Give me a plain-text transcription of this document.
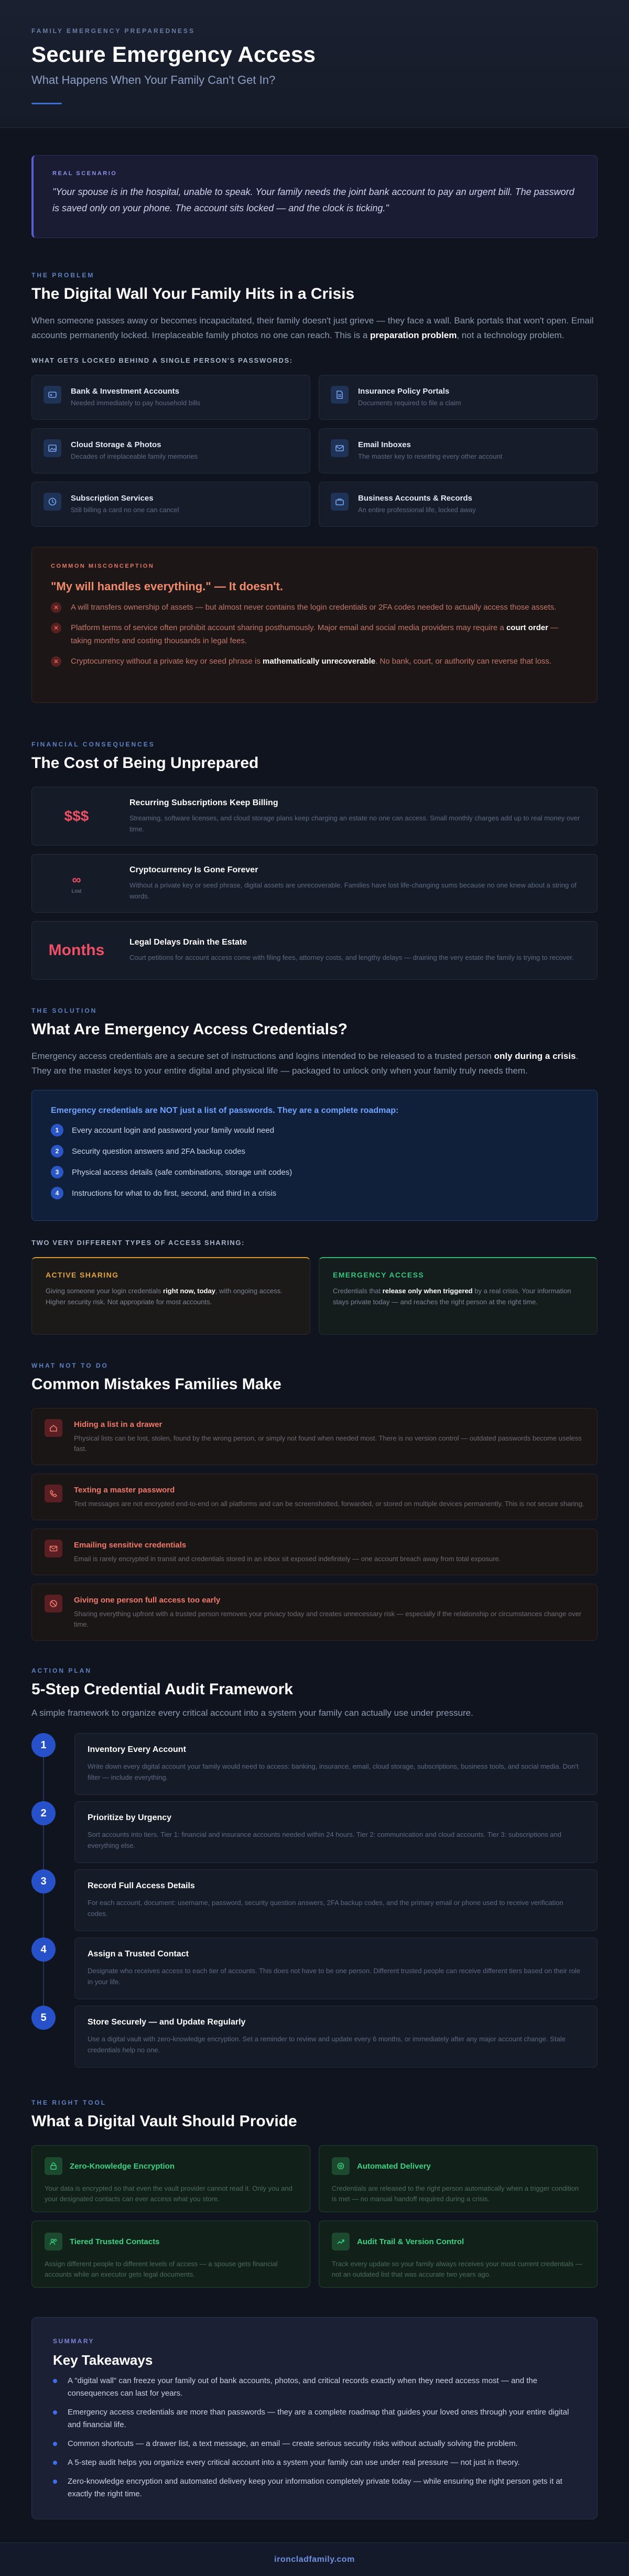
FAMILY EMERGENCY PREPAREDNESS
Secure Emergency Access
What Happens When Your Family Can't Get In?
REAL SCENARIO

"Your spouse is in the hospital, unable to speak. Your family needs the joint bank account to pay an urgent bill. The password is saved only on your phone. The account sits locked — and the clock is ticking."

THE PROBLEM
The Digital Wall Your Family Hits in a Crisis

When someone passes away or becomes incapacitated, their family doesn't just grieve — they face a wall. Bank portals that won't open. Email accounts permanently locked. Irreplaceable family photos no one can reach. This is a preparation problem, not a technology problem.

WHAT GETS LOCKED BEHIND A SINGLE PERSON'S PASSWORDS:
Bank & Investment Accounts
Needed immediately to pay household bills
Insurance Policy Portals
Documents required to file a claim
Cloud Storage & Photos
Decades of irreplaceable family memories
Email Inboxes
The master key to resetting every other account
Subscription Services
Still billing a card no one can cancel
Business Accounts & Records
An entire professional life, locked away
COMMON MISCONCEPTION
"My will handles everything." — It doesn't.
✕	A will transfers ownership of assets — but almost never contains the login credentials or 2FA codes needed to actually access those assets.

✕	Platform terms of service often prohibit account sharing posthumously. Major email and social media providers may require a court order — taking months and costing thousands in legal fees.

✕	Cryptocurrency without a private key or seed phrase is mathematically unrecoverable. No bank, court, or authority can reverse that loss.

FINANCIAL CONSEQUENCES
The Cost of Being Unprepared
$$$
Recurring Subscriptions Keep Billing
Streaming, software licenses, and cloud storage plans keep charging an estate no one can access. Small monthly charges add up to real money over time.
∞
Lost
Cryptocurrency Is Gone Forever
Without a private key or seed phrase, digital assets are unrecoverable. Families have lost life-changing sums because no one knew about a string of words.
Months	Legal Delays Drain the Estate
Court petitions for account access come with filing fees, attorney costs, and lengthy delays — draining the very estate the family is trying to recover.
THE SOLUTION
What Are Emergency Access Credentials?

Emergency access credentials are a secure set of instructions and logins intended to be released to a trusted person only during a crisis. They are the master keys to your entire digital and physical life — packaged to unlock only when your family truly needs them.

Emergency credentials are NOT just a list of passwords. They are a complete roadmap:
1	Every account login and password your family would need
2	Security question answers and 2FA backup codes
3	Physical access details (safe combinations, storage unit codes)
4	Instructions for what to do first, second, and third in a crisis
TWO VERY DIFFERENT TYPES OF ACCESS SHARING:
ACTIVE SHARING

Giving someone your login credentials right now, today, with ongoing access. Higher security risk. Not appropriate for most accounts.

EMERGENCY ACCESS

Credentials that release only when triggered by a real crisis. Your information stays private today — and reaches the right person at the right time.

WHAT NOT TO DO
Common Mistakes Families Make
Hiding a list in a drawer
Physical lists can be lost, stolen, found by the wrong person, or simply not found when needed most. There is no version control — outdated passwords become useless fast.
Texting a master password
Text messages are not encrypted end-to-end on all platforms and can be screenshotted, forwarded, or stored on multiple devices permanently. This is not secure sharing.
Emailing sensitive credentials
Email is rarely encrypted in transit and credentials stored in an inbox sit exposed indefinitely — one account breach away from total exposure.
Giving one person full access too early
Sharing everything upfront with a trusted person removes your privacy today and creates unnecessary risk — especially if the relationship or circumstances change over time.
ACTION PLAN
5-Step Credential Audit Framework

A simple framework to organize every critical account into a system your family can actually use under pressure.

1	Inventory Every Account
Write down every digital account your family would need to access: banking, insurance, email, cloud storage, subscriptions, business tools, and social media. Don't filter — include everything.
2	Prioritize by Urgency
Sort accounts into tiers. Tier 1: financial and insurance accounts needed within 24 hours. Tier 2: communication and cloud accounts. Tier 3: subscriptions and everything else.
3	Record Full Access Details
For each account, document: username, password, security question answers, 2FA backup codes, and the primary email or phone used to receive verification codes.
4	Assign a Trusted Contact
Designate who receives access to each tier of accounts. This does not have to be one person. Different trusted people can receive different tiers based on their role in your life.
5	Store Securely — and Update Regularly
Use a digital vault with zero-knowledge encryption. Set a reminder to review and update every 6 months, or immediately after any major account change. Stale credentials help no one.
THE RIGHT TOOL
What a Digital Vault Should Provide
Zero-Knowledge Encryption
Your data is encrypted so that even the vault provider cannot read it. Only you and your designated contacts can ever access what you store.
Automated Delivery
Credentials are released to the right person automatically when a trigger condition is met — no manual handoff required during a crisis.
Tiered Trusted Contacts
Assign different people to different levels of access — a spouse gets financial accounts while an executor gets legal documents.
Audit Trail & Version Control
Track every update so your family always receives your most current credentials — not an outdated list that was accurate two years ago.
SUMMARY
Key Takeaways

A "digital wall" can freeze your family out of bank accounts, photos, and critical records exactly when they need access most — and the consequences can last for years.

Emergency access credentials are more than passwords — they are a complete roadmap that guides your loved ones through your entire digital and financial life.

Common shortcuts — a drawer list, a text message, an email — create serious security risks without actually solving the problem.

A 5-step audit helps you organize every critical account into a system your family can use under real pressure — not just in theory.

Zero-knowledge encryption and automated delivery keep your information completely private today — while ensuring the right person gets it at exactly the right time.

ironcladfamily.com
